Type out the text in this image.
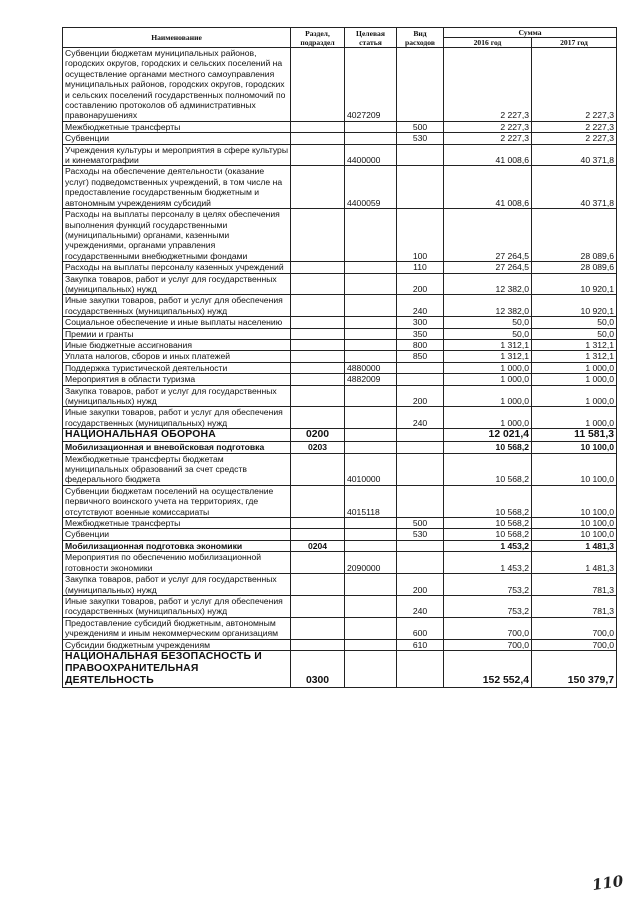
Наименование	Раздел, подраздел	Целевая статья	Вид расходов	Сумма	
				2016 год	2017 год
Субвенции бюджетам муниципальных районов, городских округов, городских и сельских поселений на осуществление органами местного самоуправления муниципальных районов, городских округов, городских и сельских поселений государственных полномочий по составлению протоколов об административных правонарушениях		4027209		2 227,3	2 227,3
Межбюджетные трансферты			500	2 227,3	2 227,3
Субвенции			530	2 227,3	2 227,3
Учреждения культуры и мероприятия в сфере культуры и кинематографии		4400000		41 008,6	40 371,8
Расходы на обеспечение деятельности (оказание услуг) подведомственных учреждений, в том числе на предоставление государственным бюджетным и автономным учреждениям субсидий		4400059		41 008,6	40 371,8
Расходы на выплаты персоналу в целях обеспечения выполнения функций государственными (муниципальными) органами, казенными учреждениями, органами управления государственными внебюджетными фондами			100	27 264,5	28 089,6
Расходы на выплаты персоналу казенных учреждений			110	27 264,5	28 089,6
Закупка товаров, работ и услуг для государственных (муниципальных) нужд			200	12 382,0	10 920,1
Иные закупки товаров, работ и услуг для обеспечения государственных (муниципальных) нужд			240	12 382,0	10 920,1
Социальное обеспечение и иные выплаты населению			300	50,0	50,0
Премии и гранты			350	50,0	50,0
Иные бюджетные ассигнования			800	1 312,1	1 312,1
Уплата налогов, сборов и иных платежей			850	1 312,1	1 312,1
Поддержка туристической деятельности		4880000		1 000,0	1 000,0
Мероприятия в области туризма		4882009		1 000,0	1 000,0
Закупка товаров, работ и услуг для государственных (муниципальных) нужд			200	1 000,0	1 000,0
Иные закупки товаров, работ и услуг для обеспечения государственных (муниципальных) нужд			240	1 000,0	1 000,0
НАЦИОНАЛЬНАЯ ОБОРОНА	0200			12 021,4	11 581,3
Мобилизационная и вневойсковая подготовка	0203			10 568,2	10 100,0
Межбюджетные трансферты бюджетам муниципальных образований за счет средств федерального бюджета		4010000		10 568,2	10 100,0
Субвенции бюджетам поселений на осуществление первичного воинского учета на территориях, где отсутствуют военные комиссариаты		4015118		10 568,2	10 100,0
Межбюджетные трансферты			500	10 568,2	10 100,0
Субвенции			530	10 568,2	10 100,0
Мобилизационная подготовка экономики	0204			1 453,2	1 481,3
Мероприятия по обеспечению мобилизационной готовности экономики		2090000		1 453,2	1 481,3
Закупка товаров, работ и услуг для государственных (муниципальных) нужд			200	753,2	781,3
Иные закупки товаров, работ и услуг для обеспечения государственных (муниципальных) нужд			240	753,2	781,3
Предоставление субсидий бюджетным, автономным учреждениям и иным некоммерческим организациям			600	700,0	700,0
Субсидии бюджетным учреждениям			610	700,0	700,0
НАЦИОНАЛЬНАЯ БЕЗОПАСНОСТЬ И ПРАВООХРАНИТЕЛЬНАЯ ДЕЯТЕЛЬНОСТЬ	0300			152 552,4	150 379,7
110
